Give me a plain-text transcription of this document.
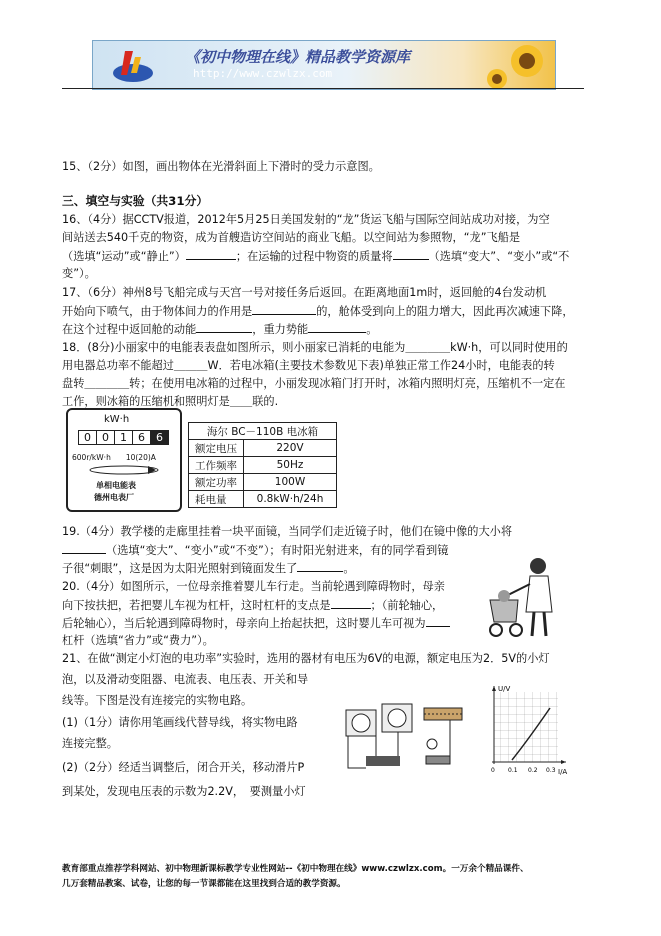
《初中物理在线》精品教学资源库
http://www.czwlzx.com
15、（2分）如图，画出物体在光滑斜面上下滑时的受力示意图。
三、填空与实验（共31分）
16、（4分）据CCTV报道，2012年5月25日美国发射的“龙”货运飞船与国际空间站成功对接，为空
间站送去540千克的物资，成为首艘造访空间站的商业飞船。以空间站为参照物，“龙”飞船是
（选填“运动”或“静止”）	；在运输的过程中物资的质量将	（选填“变大”、“变小”或“不
变”）。
17、（6分）神州8号飞船完成与天宫一号对接任务后返回。在距离地面1m时，返回舱的4台发动机
开始向下喷气，由于物体间力的作用是	的，舱体受到向上的阻力增大，因此再次减速下降，
在这个过程中返回舱的动能	，重力势能	。
18．(8分)小丽家中的电能表表盘如图所示，则小丽家已消耗的电能为＿＿＿＿kW·h，可以同时使用的
用电器总功率不能超过＿＿＿W．若电冰箱(主要技术参数见下表)单独正常工作24小时，电能表的转
盘转＿＿＿＿转；在使用电冰箱的过程中，小丽发现冰箱门打开时，冰箱内照明灯亮，压缩机不一定在
工作，则冰箱的压缩机和照明灯是＿＿联的.
kW·h
0	0	1	6	6
600r/kW·h　　10(20)A
单相电能表
德州电表厂
海尔 BC－110B 电冰箱	
额定电压	220V
工作频率	50Hz
额定功率	100W
耗电量	0.8kW·h/24h
19.（4分）教学楼的走廊里挂着一块平面镜，当同学们走近镜子时，他们在镜中像的大小将
（选填“变大”、“变小”或“不变”）；有时阳光射进来，有的同学看到镜
子很“刺眼”，这是因为太阳光照射到镜面发生了	。
20.（4分）如图所示，一位母亲推着婴儿车行走。当前轮遇到障碍物时，母亲
向下按扶把，若把婴儿车视为杠杆，这时杠杆的支点是	；（前轮轴心，
后轮轴心），当后轮遇到障碍物时，母亲向上抬起扶把，这时婴儿车可视为
杠杆（选填“省力”或“费力”）。
21、在做“测定小灯泡的电功率”实验时，选用的器材有电压为6V的电源，额定电压为2．5V的小灯
泡，以及滑动变阻器、电流表、电压表、开关和导
线等。下图是没有连接完的实物电路。
(1)（1分）请你用笔画线代替导线，将实物电路
连接完整。
(2)（2分）经适当调整后，闭合开关，移动滑片P
到某处，发现电压表的示数为2.2V，　要测量小灯
U/V
I/A
0 0.1 0.2 0.3
教育部重点推荐学科网站、初中物理新课标教学专业性网站--《初中物理在线》www.czwlzx.com。一万余个精品课件、
几万套精品教案、试卷，让您的每一节课都能在这里找到合适的教学资源。
